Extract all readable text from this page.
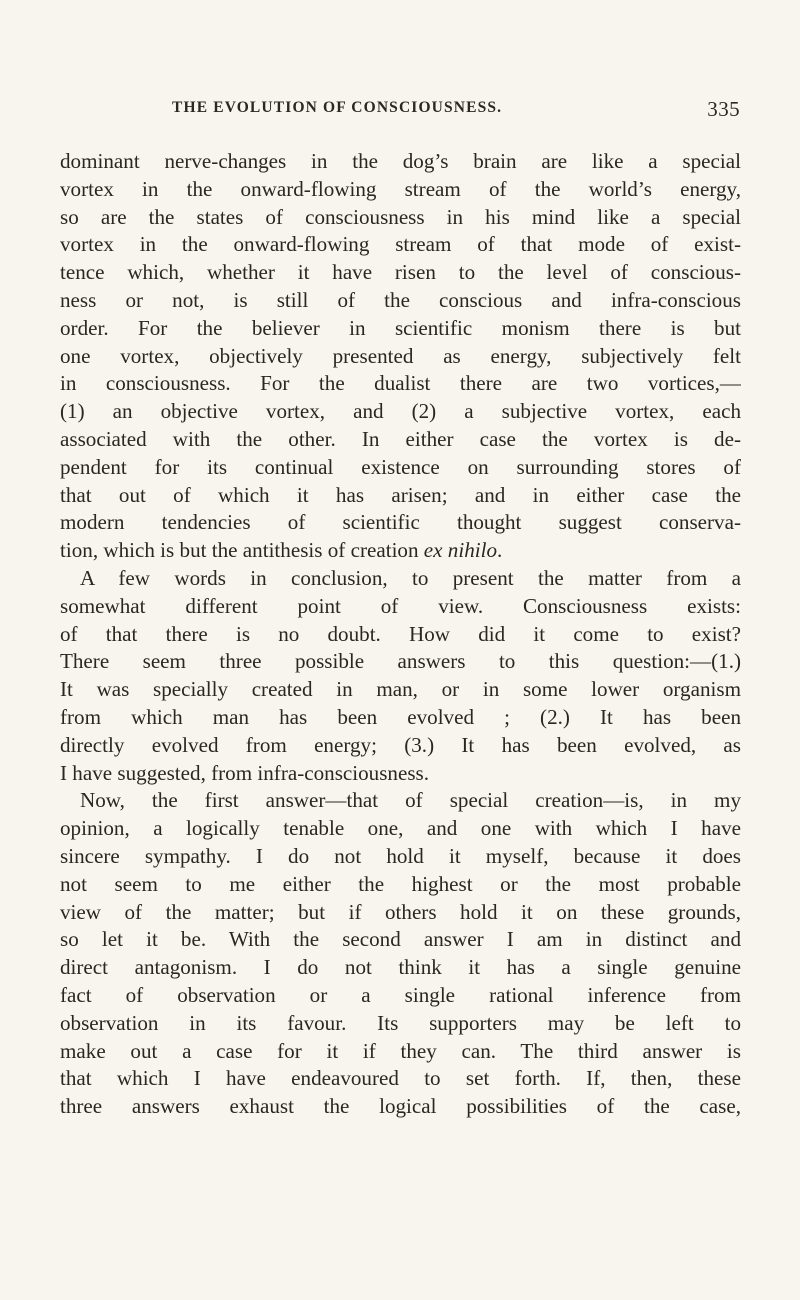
THE EVOLUTION OF CONSCIOUSNESS.	335
dominant nerve-changes in the dog’s brain are like a special
vortex in the onward-flowing stream of the world’s energy,
so are the states of consciousness in his mind like a special
vortex in the onward-flowing stream of that mode of exist-
tence which, whether it have risen to the level of conscious-
ness or not, is still of the conscious and infra-conscious
order. For the believer in scientific monism there is but
one vortex, objectively presented as energy, subjectively felt
in consciousness. For the dualist there are two vortices,—
(1) an objective vortex, and (2) a subjective vortex, each
associated with the other. In either case the vortex is de-
pendent for its continual existence on surrounding stores of
that out of which it has arisen; and in either case the
modern tendencies of scientific thought suggest conserva-
tion, which is but the antithesis of creation ex nihilo.
A few words in conclusion, to present the matter from a
somewhat different point of view. Consciousness exists:
of that there is no doubt. How did it come to exist?
There seem three possible answers to this question:—(1.)
It was specially created in man, or in some lower organism
from which man has been evolved ; (2.) It has been
directly evolved from energy; (3.) It has been evolved, as
I have suggested, from infra-consciousness.
Now, the first answer—that of special creation—is, in my
opinion, a logically tenable one, and one with which I have
sincere sympathy. I do not hold it myself, because it does
not seem to me either the highest or the most probable
view of the matter; but if others hold it on these grounds,
so let it be. With the second answer I am in distinct and
direct antagonism. I do not think it has a single genuine
fact of observation or a single rational inference from
observation in its favour. Its supporters may be left to
make out a case for it if they can. The third answer is
that which I have endeavoured to set forth. If, then, these
three answers exhaust the logical possibilities of the case,
